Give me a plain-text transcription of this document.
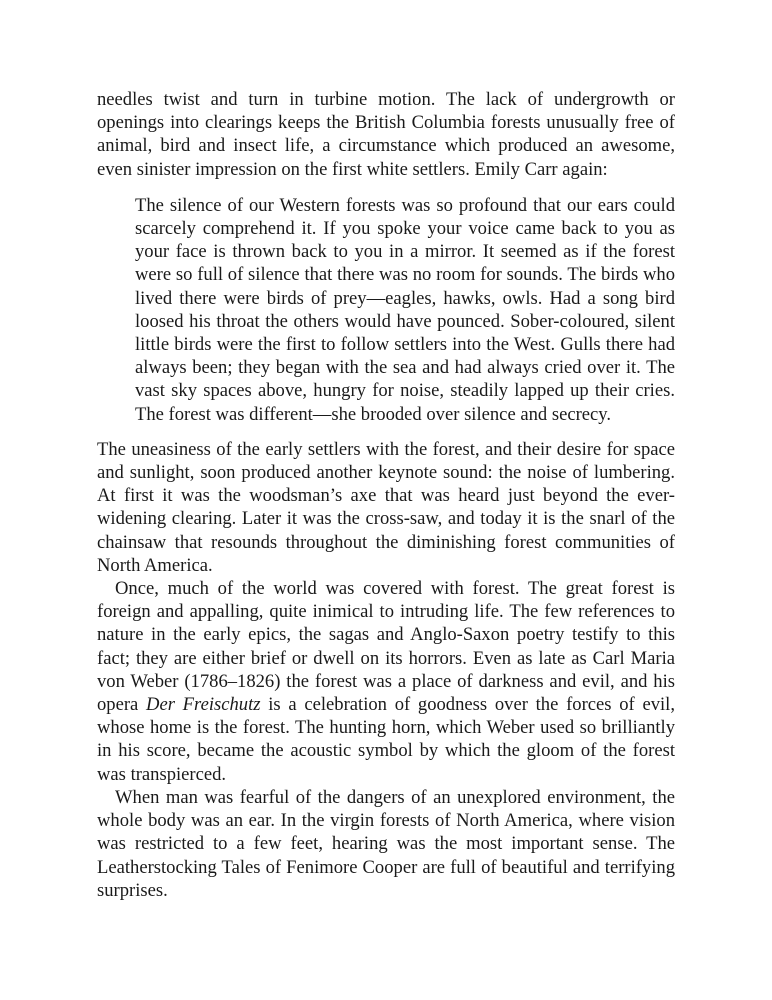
needles twist and turn in turbine motion. The lack of undergrowth or openings into clearings keeps the British Columbia forests unusually free of animal, bird and insect life, a circumstance which produced an awesome, even sinister impression on the first white settlers. Emily Carr again:

The silence of our Western forests was so profound that our ears could scarcely comprehend it. If you spoke your voice came back to you as your face is thrown back to you in a mirror. It seemed as if the forest were so full of silence that there was no room for sounds. The birds who lived there were birds of prey—eagles, hawks, owls. Had a song bird loosed his throat the others would have pounced. Sober-coloured, silent little birds were the first to follow settlers into the West. Gulls there had always been; they began with the sea and had always cried over it. The vast sky spaces above, hungry for noise, steadily lapped up their cries. The forest was different—she brooded over silence and secrecy.

The uneasiness of the early settlers with the forest, and their desire for space and sunlight, soon produced another keynote sound: the noise of lumbering. At first it was the woodsman’s axe that was heard just beyond the ever-widening clearing. Later it was the cross-saw, and today it is the snarl of the chainsaw that resounds throughout the diminishing forest communities of North America.

Once, much of the world was covered with forest. The great forest is foreign and appalling, quite inimical to intruding life. The few references to nature in the early epics, the sagas and Anglo-Saxon poetry testify to this fact; they are either brief or dwell on its horrors. Even as late as Carl Maria von Weber (1786–1826) the forest was a place of darkness and evil, and his opera Der Freischutz is a celebration of goodness over the forces of evil, whose home is the forest. The hunting horn, which Weber used so brilliantly in his score, became the acoustic symbol by which the gloom of the forest was transpierced.

When man was fearful of the dangers of an unexplored environment, the whole body was an ear. In the virgin forests of North America, where vision was restricted to a few feet, hearing was the most important sense. The Leatherstocking Tales of Fenimore Cooper are full of beautiful and terrifying surprises.
